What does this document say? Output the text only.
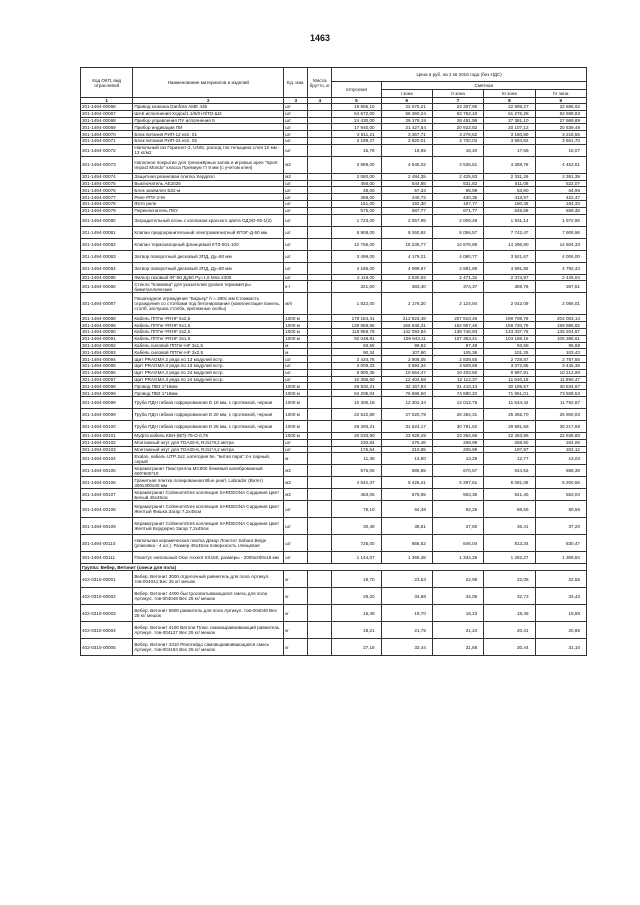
1463
Код ОКП, вид отраслевой	Наименование материалов и изделий	Ед. изм.	Масса брутто, кг	Цена в руб. на 2 кв 2016 года (без НДС)				
				отпускная	Сметная			
					I зона	II зона	III зона	IV зона
1	2	3	4	5	6	7	8	9
301-1494-00068	Привод клапана Danfoss AME 435	шт		19 955,10	22 670,21	23 307,95	22 599,27	22 686,92
301-1494-00067	ШАК исполнения Ходок/1.1/6/0+Л/ТО-Ш2	шт		54 672,00	65 360,24	63 752,10	61 276,28	62 589,83
301-1494-00068	Прибор управления ПУ исполнения 5	шт		24 430,00	29 179,19	28 491,98	27 381,10	27 969,89
301-1494-00069	Прибор индикации ПИ	шт		17 940,00	21 427,54	20 922,82	20 107,12	20 539,49
301-1494-00070	Блок питания РИП-12 исп. 01	шт		2 811,21	3 357,71	3 278,62	3 150,80	3 218,55
301-1494-00071	Блок питания РИП-24 исп. 02	шт		3 198,27	3 820,01	3 730,03	3 584,62	3 661,70
301-1494-00072	Напольный газ Горизонт-2, UNIS, расход ток тельщина слоя 10 мм - 13 кг/м2	шт		15,78	18,85	18,40	17,68	18,07
301-1494-00073	Наполное покрытие для тренажёрных залов и игровых арен "Sport Impact Mondo" класса Премиум тт 8 мм (с учетом клея)	м2		3 889,00	4 645,02	4 535,61	4 358,78	4 452,51
301-1494-00074	Защитная резиновая плитка Хердпол	м2		2 080,00	2 484,35	2 425,83	2 331,26	2 381,39
301-1494-00075	Выключатель АЕ2026	шт		456,00	544,65	531,82	511,08	522,07
301-1494-00076	Блок заземлен БЗ2-м	шт		48,00	57,33	55,98	53,80	54,96
301-1494-00077	Реле РПУ-2-М	шт		369,00	440,73	430,35	413,57	422,47
301-1494-00078	Фото реле	шт		161,00	192,30	187,77	180,45	184,33
301-1494-00079	Переключатель ПКУ	шт		575,00	687,77	671,77	645,58	659,46
301-1494-00080	Заградительный огонь с колпаком красного цвета ОДЭО-05-1(2)	шт		1 723,00	2 057,95	2 009,48	1 931,14	1 972,66
301-1494-00081	Клапан предохранительный электромагнитный КПЭГ-Д-50 мм	шт		6 908,00	8 260,92	8 056,57	7 742,47	7 908,96
301-1494-00082	Клапан термозапорный фланцевый КТЗ-001-100	шт		12 756,00	15 235,77	14 876,89	14 296,90	14 604,33
301-1494-00083	Затвор поворотный дисковый ЗПД, Ду=50 мм	шт		3 499,00	4 179,21	4 080,77	3 921,67	4 006,00
301-1494-00084	Затвор поворотный дисковый ЗПД, Ду=80 мм	шт		4 186,00	4 999,67	4 881,88	4 691,55	4 792,44
301-1494-00085	Фильтр газовый ФГ-50 Ду50 Ру=1,6 Мпа 2300	шт		2 119,00	2 530,93	2 471,32	2 374,97	2 426,04
301-1494-00086	Стекло "Климова" для указателей уровня термометры биметаллические	к-т		321,00	383,40	374,37	359,78	367,51
301-1494-00087	Пешеходное ограждение "Барьер" h = 290с мм Стоимость ограждения со столбами под бетонирование (комплектация панель, столб, заглушка столба, крепежные скобы)	м/п		1 822,00	2 176,20	2 124,94	2 042,09	2 086,01
301-1494-00088	Кабель ППГнг-FRHF 5х2,5	1000 м		178 184,41	212 823,48	207 810,45	199 708,78	204 003,14
301-1494-00089	Кабель ППГнг-FRHF 5х1,5	1000 м		139 858,95	166 946,31	162 957,46	156 720,79	159 985,82
301-1494-00090	Кабель ППГнг-FRHF 3х2,5	1000 м		118 968,78	142 093,84	138 746,93	133 337,76	136 204,67
301-1494-00091	Кабель ППГнг-FRHF 3х1,5	1000 м		92 048,81	109 943,11	107 353,41	103 168,15	105 386,61
301-1494-00092	Кабель силовой ППГнг-HF 3х1,5	м		83,55	99,82	97,48	93,68	95,68
301-1494-00093	Кабель силовой ППГнг-HF 3х2,5	м		90,34	107,90	105,36	101,25	103,43
301-1494-00094	Щит PRAGMA 2 ряда по 13 модулей встр.	шт		2 434,78	2 908,05	2 839,55	2 728,87	2 787,55
301-1494-00095	Щит PRAGMA 3 ряда по 13 модулей встр.	шт		3 009,33	3 594,34	3 509,68	3 372,85	3 445,38
301-1494-00096	Щит PRAGMA 2 ряда по 24 модулей встр.	шт		8 900,35	10 654,47	10 403,50	9 997,91	10 212,90
301-1494-00097	Щит PRAGMA 3 ряда по 24 модулей встр.	шт		10 385,60	12 404,58	12 112,37	11 640,18	11 890,47
301-1494-00098	Провод ПВ3 1*16мм	1000 м		26 932,21	32 167,83	31 410,13	30 185,57	30 834,67
301-1494-00099	Провод ПВ3 1*16мм	1000 м		64 205,04	76 686,50	74 880,22	71 961,01	73 508,53
301-1494-00099	Труба ПДН гибкая гофрированная D 16 мм, с протяжкой, черная	1000 м		10 300,18	12 302,34	12 012,75	11 544,42	11 792,67
301-1494-00099	Труба ПДН гибкая гофрированная D 20 мм, с протяжкой, черная	1000 м		22 622,89	27 020,78	26 384,31	25 355,70	25 900,93
301-1494-00100	Труба ПДН гибкая гофрированная D 25 мм, с протяжкой, черная	1000 м		26 393,21	31 524,17	30 781,62	29 581,58	30 217,68
301-1494-00101	Муфта кабель КВН-(ВП)-75-О 0,75	1000 м		20 033,90	23 928,49	23 364,86	22 453,96	22 936,80
301-1494-00102	Монтажный жгут для TDA30-6, RJ11*8,2 метра	шт		230,84	275,46	268,99	258,50	264,06
301-1494-00103	Монтажный жгут для TDA30-6, RJ11*4,2 метра	шт		176,54	210,85	205,89	197,87	202,12
301-1494-00104	Exalan, кабель UTP 2х2, категория 5e, "витая пара" 2-х парный, серый	м		11,39	13,60	13,28	12,77	13,04
301-1494-00105	Керамогранит Пиастрелла МС600 бежевый калиброванный 600*600*10	м2		575,06	686,85	670,67	644,53	658,39
301-1494-00106	Гранитная плитка полированная Blue pearl, Labrador (Ватег) 300х300х30 мм	м2		4 542,37	5 425,41	5 297,61	5 091,08	5 200,56
301-1494-00107	Керамогранит ColiseumGres коллекция SARDEGNA Сардиния Цвет Белый 45х45см	м2		483,05	576,95	563,36	541,40	553,04
301-1494-00108	Керамогранит ColiseumGres коллекция SARDEGNA Сардиния Цвет Желтый Фишка Загар 7,2х45см	шт		79,10	94,48	92,25	88,66	90,56
301-1494-00109	Керамогранит ColiseumGres коллекция SARDEGNA Сардиния Цвет Желтый Бордюрно Загар 7,2х45см	шт		30,49	38,81	37,60	36,41	37,20
301-1494-00110	Напольная керамическая плитка Декор Лонглот Sahara Beige (упаковка - 4 шт.). Размер 45х45см поверхность глянцевая	шт		726,00	866,52	846,04	813,34	830,47
301-1494-00111	Плинтус напольный Orac Axxent SX150, размеры - 2000х200х16 мм	шт		1 144,07	1 366,48	1 334,28	1 282,27	1 309,84
Группа: Вебер, Ветонит (смеси для пола)								
402-0310-00001	Вебер. Ветонит 3000 отделочный равнитель для пола Артикул. тов-004041 Вес 25 кг/ мешок	кг		19,70	23,53	22,98	22,08	22,55
402-0310-00002	Вебер. Ветонит 4400 быстросхватывающаяся смесь для пола Артикул. тов-004046 Вес 25 кг/ мешок	кг		29,20	34,88	34,05	32,73	33,43
402-0310-00003	Вебер. Ветонит 5900 равнитель для пола Артикул. тов-004049 Вес 25 кг/ мешок	кг		16,49	19,70	19,23	18,48	18,88
402-0310-00004	Вебер. Ветонит 4100 Ватопи Плюс самовыравнивающий равнитель Артикул. тов-004127 Вес 25 кг/ мешок	кг		18,21	21,75	21,24	20,41	20,85
402-0310-00005	Вебер. Ветонит 4310 Ренотейдо самовыравнивающаяся смесь Артикул. тов-004184 Вес 25 кг/ мешок	кг		27,18	32,44	31,68	30,44	31,10
